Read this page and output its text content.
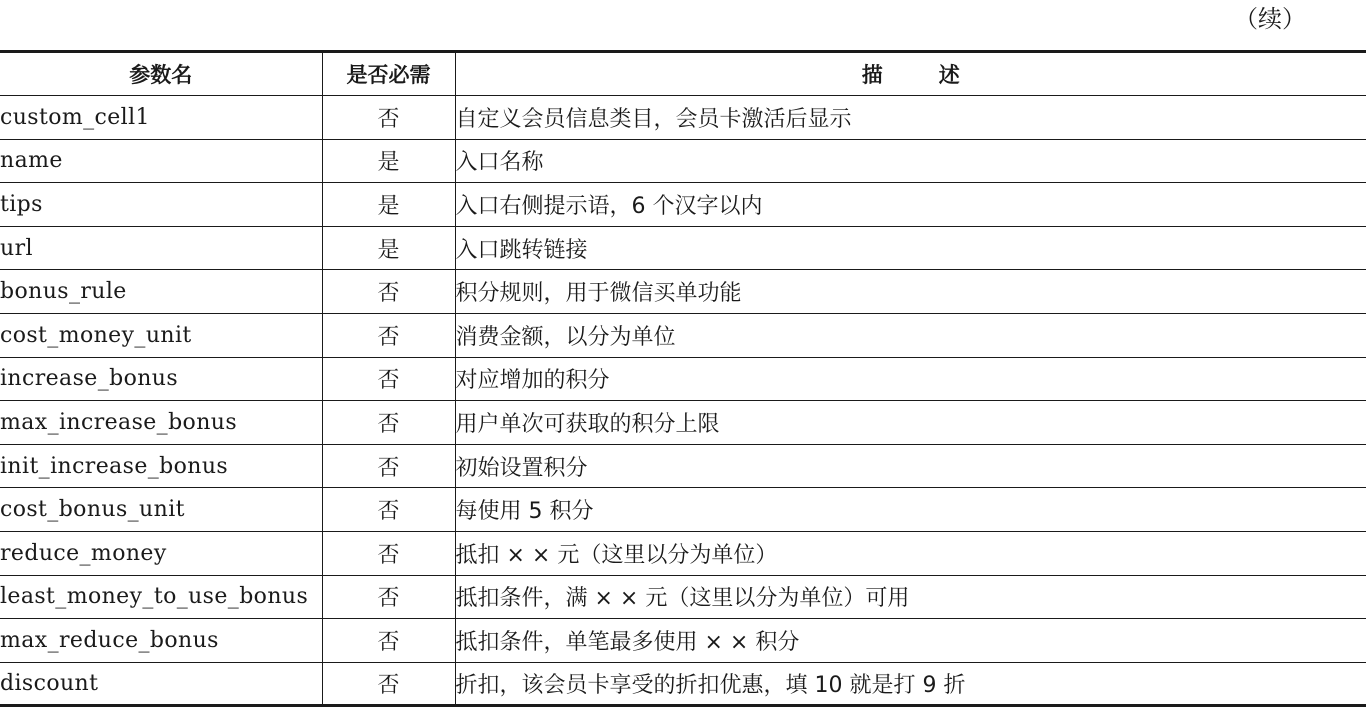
（续）
参数名	是否必需	描述
custom_cell1	否	自定义会员信息类目，会员卡激活后显示
name	是	入口名称
tips	是	入口右侧提示语，6 个汉字以内
url	是	入口跳转链接
bonus_rule	否	积分规则，用于微信买单功能
cost_money_unit	否	消费金额，以分为单位
increase_bonus	否	对应增加的积分
max_increase_bonus	否	用户单次可获取的积分上限
init_increase_bonus	否	初始设置积分
cost_bonus_unit	否	每使用 5 积分
reduce_money	否	抵扣 × × 元（这里以分为单位）
least_money_to_use_bonus	否	抵扣条件，满 × × 元（这里以分为单位）可用
max_reduce_bonus	否	抵扣条件，单笔最多使用 × × 积分
discount	否	折扣，该会员卡享受的折扣优惠，填 10 就是打 9 折
